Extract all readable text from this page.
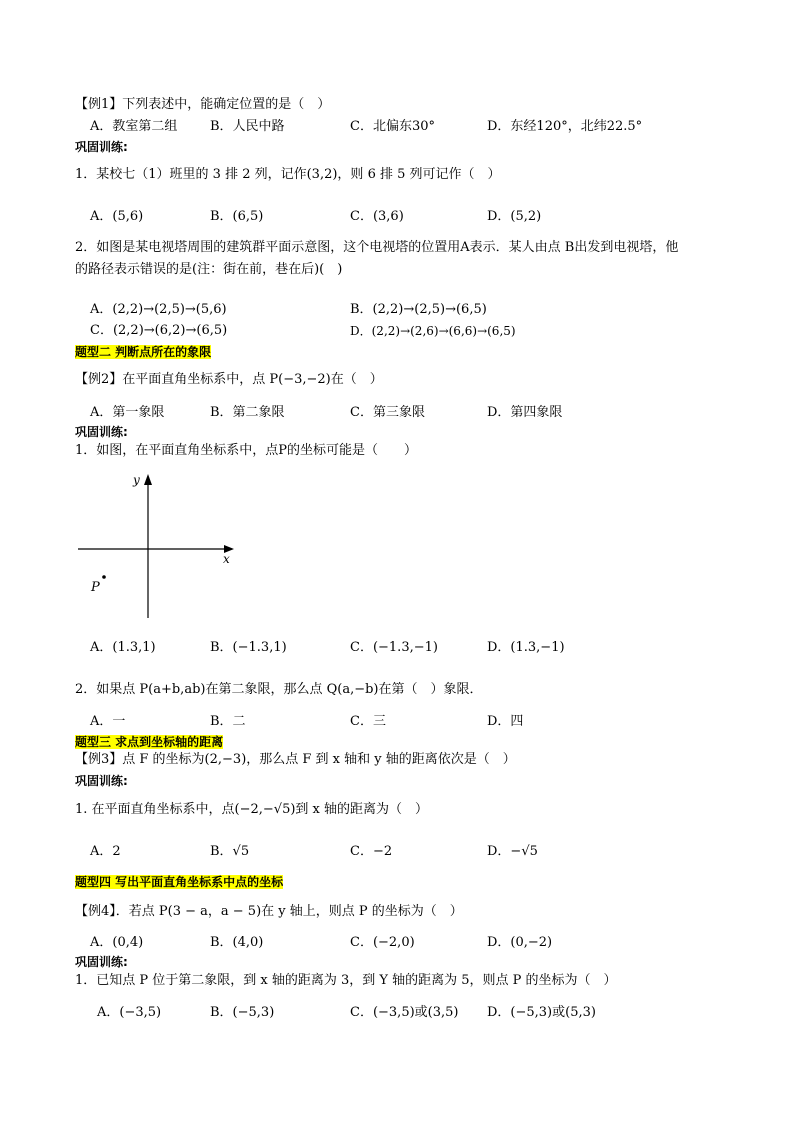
【例1】下列表述中，能确定位置的是（　）
A．教室第二组	B．人民中路	C．北偏东30°	D．东经120°，北纬22.5°
巩固训练:
1．某校七（1）班里的 3 排 2 列，记作(3,2)，则 6 排 5 列可记作（　）
A．(5,6)	B．(6,5)	C．(3,6)	D．(5,2)
2．如图是某电视塔周围的建筑群平面示意图，这个电视塔的位置用A表示．某人由点 B出发到电视塔，他
的路径表示错误的是(注：街在前，巷在后)(　)
A．(2,2)→(2,5)→(5,6)	B．(2,2)→(2,5)→(6,5)
C．(2,2)→(6,2)→(6,5)	D．(2,2)→(2,6)→(6,6)→(6,5)
题型二 判断点所在的象限
【例2】在平面直角坐标系中，点 P(−3,−2)在（　）
A．第一象限	B．第二象限	C．第三象限	D．第四象限
巩固训练:
1．如图，在平面直角坐标系中，点P的坐标可能是（　　）
y
x
P
A．(1.3,1)	B．(−1.3,1)	C．(−1.3,−1)	D．(1.3,−1)
2．如果点 P(a+b,ab)在第二象限，那么点 Q(a,−b)在第（　）象限．
A．一	B．二	C．三	D．四
题型三 求点到坐标轴的距离
【例3】点 F 的坐标为(2,−3)，那么点 F 到 x 轴和 y 轴的距离依次是（　）
巩固训练:
1. 在平面直角坐标系中，点(−2,−√5)到 x 轴的距离为（　）
A．2	B．√5	C．−2	D．−√5
题型四 写出平面直角坐标系中点的坐标
【例4】．若点 P(3 − a，a − 5)在 y 轴上，则点 P 的坐标为（　）
A．(0,4)	B．(4,0)	C．(−2,0)	D．(0,−2)
巩固训练:
1．已知点 P 位于第二象限，到 x 轴的距离为 3，到 Y 轴的距离为 5，则点 P 的坐标为（　）
A．(−3,5)	B．(−5,3)	C．(−3,5)或(3,5) D．(−5,3)或(5,3)
